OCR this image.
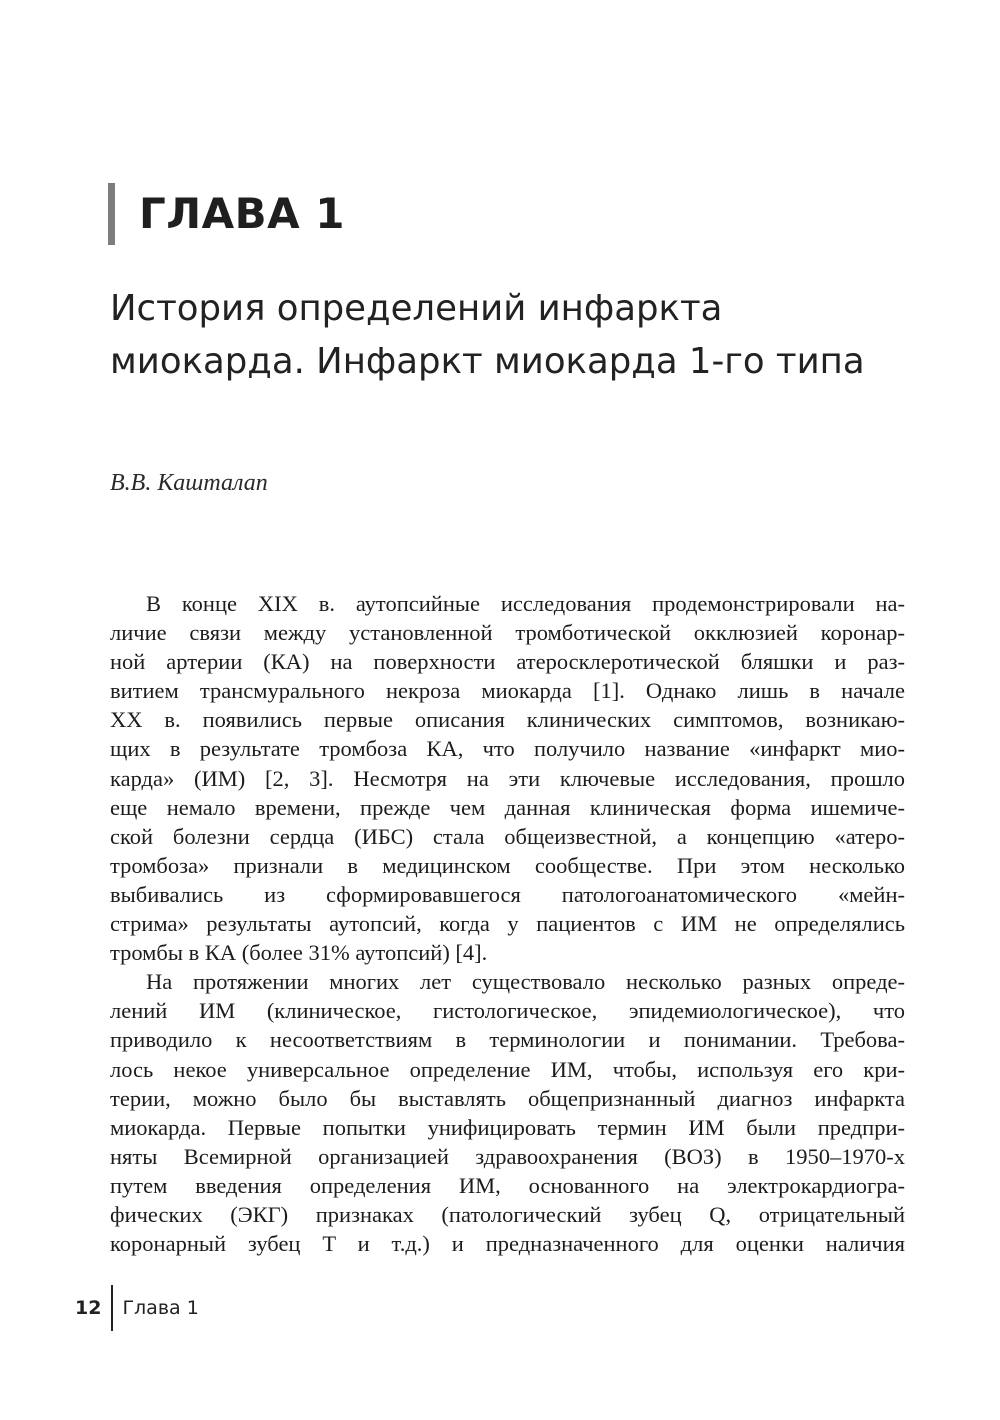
ГЛАВА 1
История определений инфаркта
миокарда. Инфаркт миокарда 1-го типа
В.В. Кашталап
В конце XIX в. аутопсийные исследования продемонстрировали на-
личие связи между установленной тромботической окклюзией коронар-
ной артерии (КА) на поверхности атеросклеротической бляшки и раз-
витием трансмурального некроза миокарда [1]. Однако лишь в начале
XX в. появились первые описания клинических симптомов, возникаю-
щих в результате тромбоза КА, что получило название «инфаркт мио-
карда» (ИМ) [2, 3]. Несмотря на эти ключевые исследования, прошло
еще немало времени, прежде чем данная клиническая форма ишемиче-
ской болезни сердца (ИБС) стала общеизвестной, а концепцию «атеро-
тромбоза» признали в медицинском сообществе. При этом несколько
выбивались из сформировавшегося патологоанатомического «мейн-
стрима» результаты аутопсий, когда у пациентов с ИМ не определялись
тромбы в КА (более 31% аутопсий) [4].
На протяжении многих лет существовало несколько разных опреде-
лений ИМ (клиническое, гистологическое, эпидемиологическое), что
приводило к несоответствиям в терминологии и понимании. Требова-
лось некое универсальное определение ИМ, чтобы, используя его кри-
терии, можно было бы выставлять общепризнанный диагноз инфаркта
миокарда. Первые попытки унифицировать термин ИМ были предпри-
няты Всемирной организацией здравоохранения (ВОЗ) в 1950–1970-х
путем введения определения ИМ, основанного на электрокардиогра-
фических (ЭКГ) признаках (патологический зубец Q, отрицательный
коронарный зубец T и т.д.) и предназначенного для оценки наличия
12 Глава 1
